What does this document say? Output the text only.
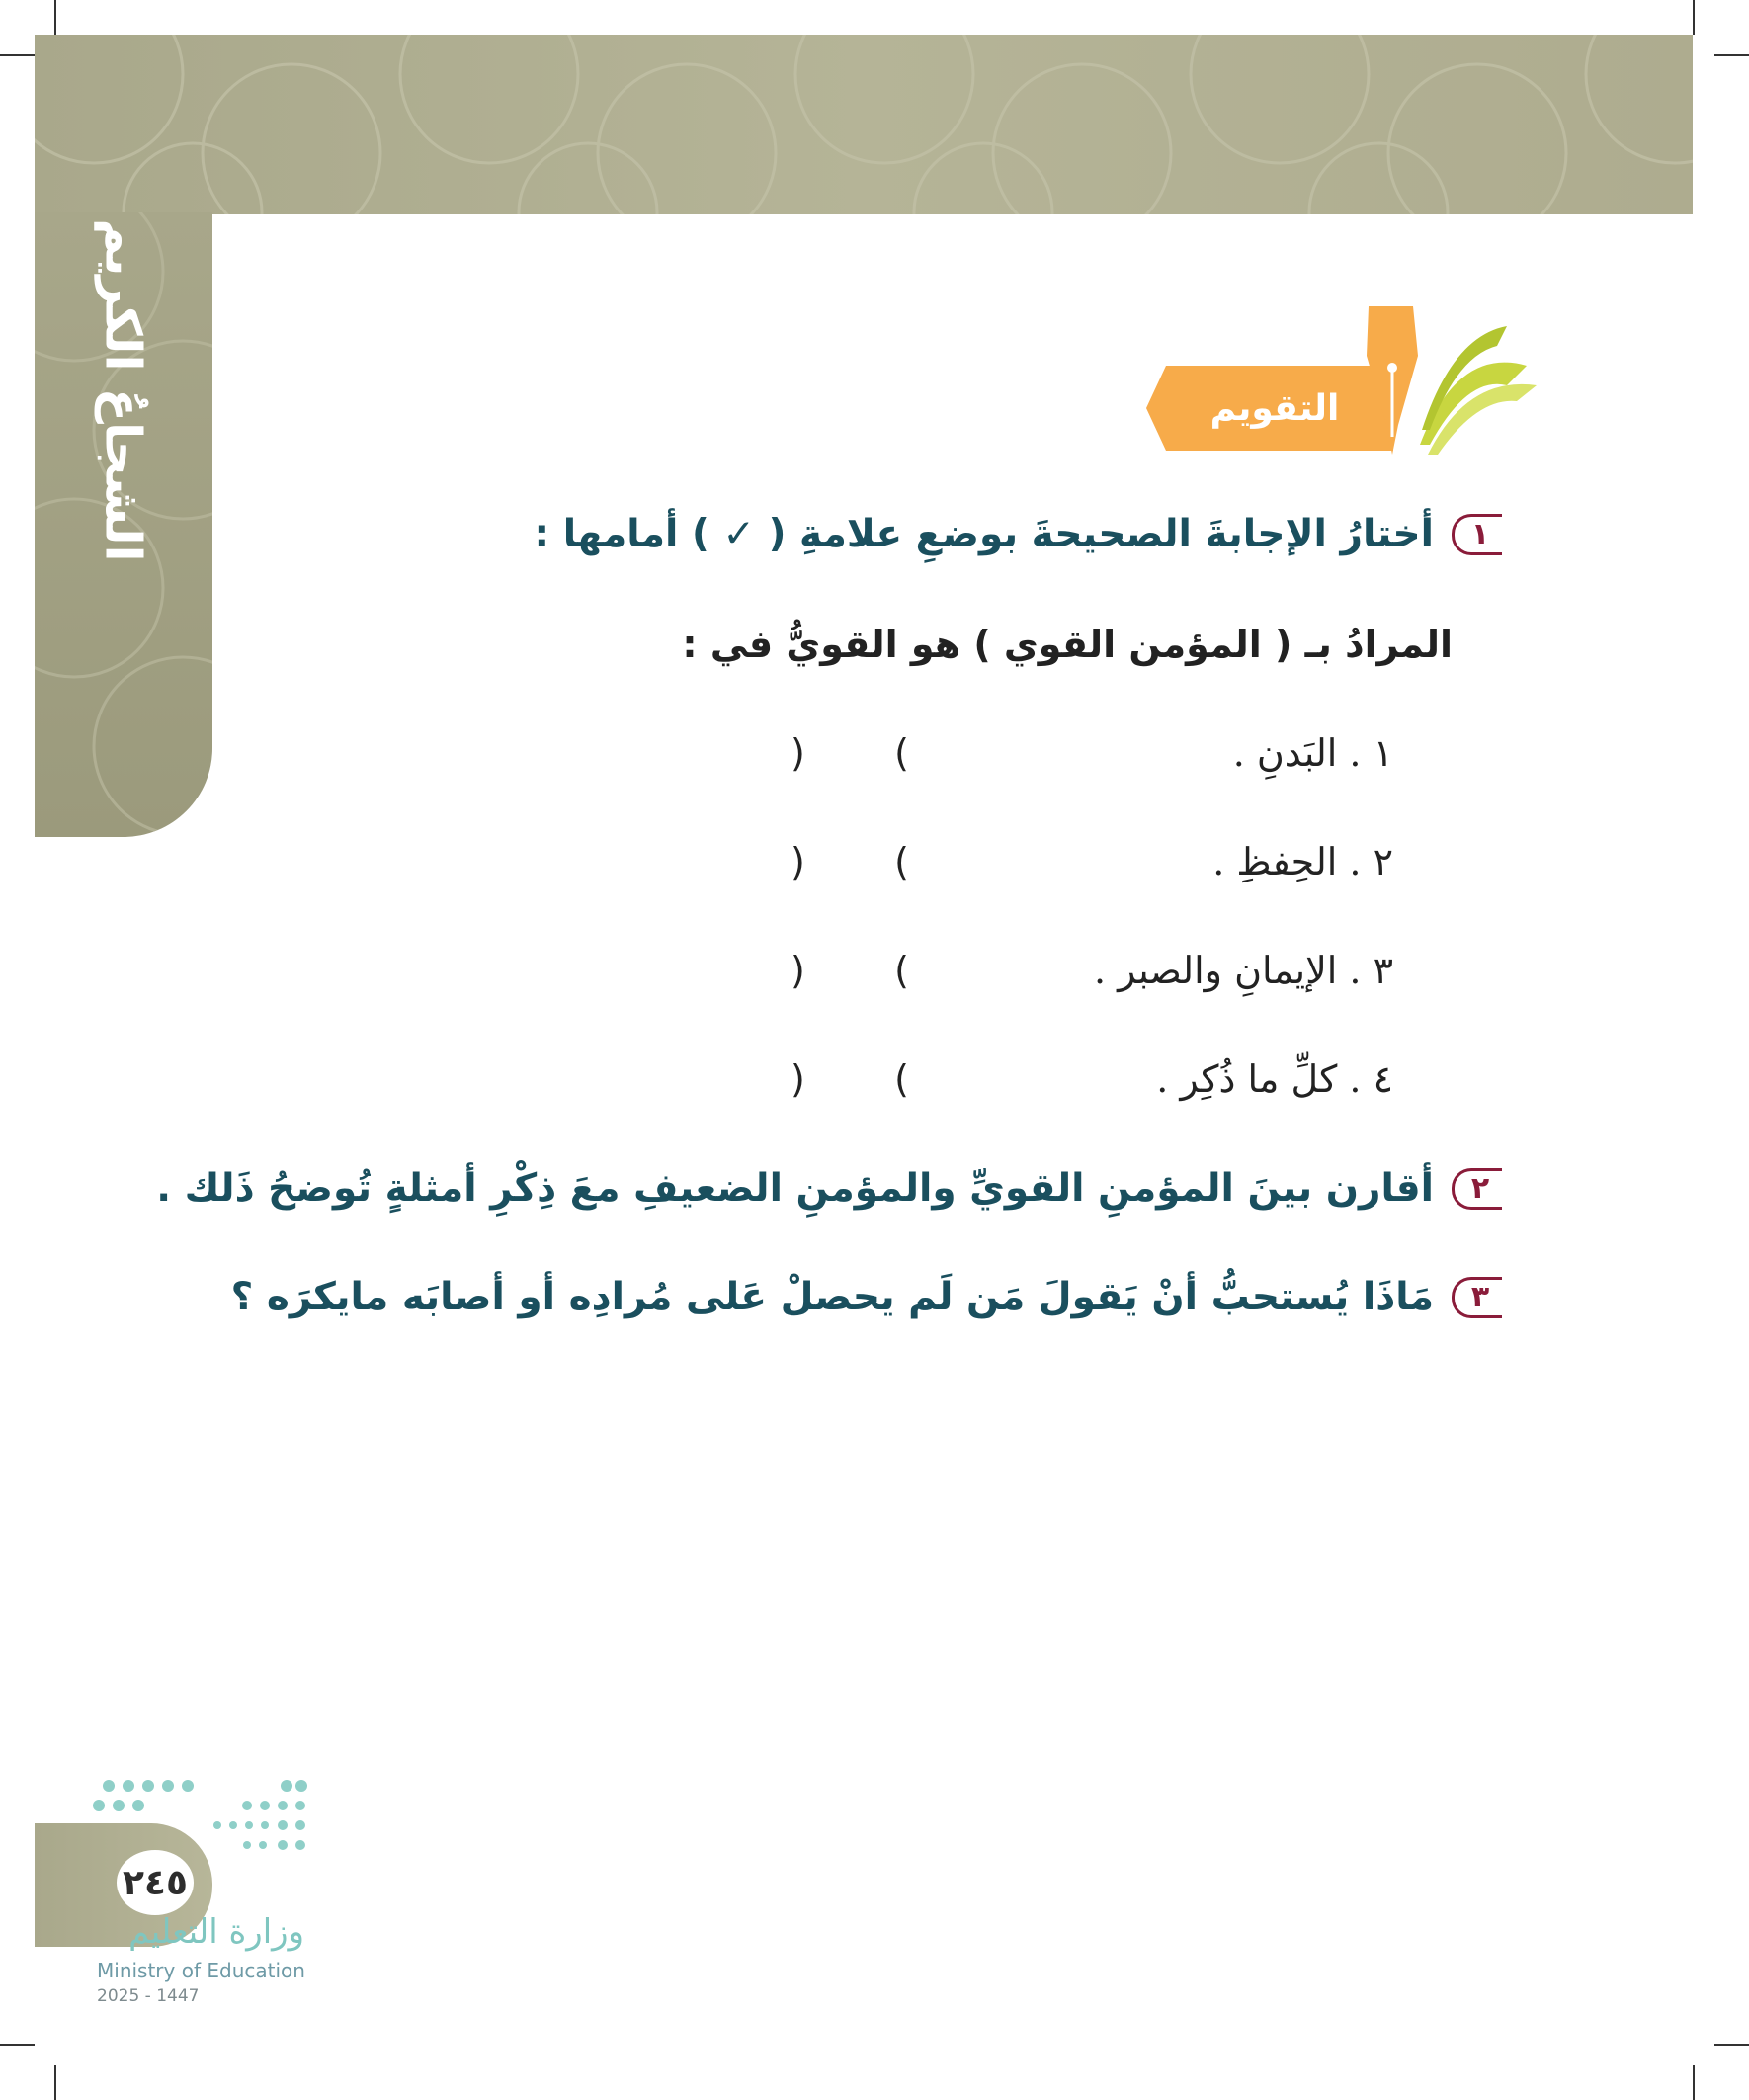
الشجاعُ الكريم	التقويم
١
أختارُ الإجابةَ الصحيحةَ بوضعِ علامةِ ( ✓ ) أمامها :
المرادُ بـ ( المؤمن القوي ) هو القويُّ في :
١ . البَدنِ .
)
(
٢ . الحِفظِ .
)
(
٣ . الإيمانِ والصبر .
)
(
٤ . كلِّ ما ذُكِر .
)
(
٢
أقارن بينَ المؤمنِ القويِّ والمؤمنِ الضعيفِ معَ ذِكْرِ أمثلةٍ تُوضحُ ذَلك .
٣
مَاذَا يُستحبُّ أنْ يَقولَ مَن لَم يحصلْ عَلى مُرادِه أو أصابَه مايكرَه ؟
٢٤٥
وزارة التعليم
Ministry of Education
2025 - 1447
